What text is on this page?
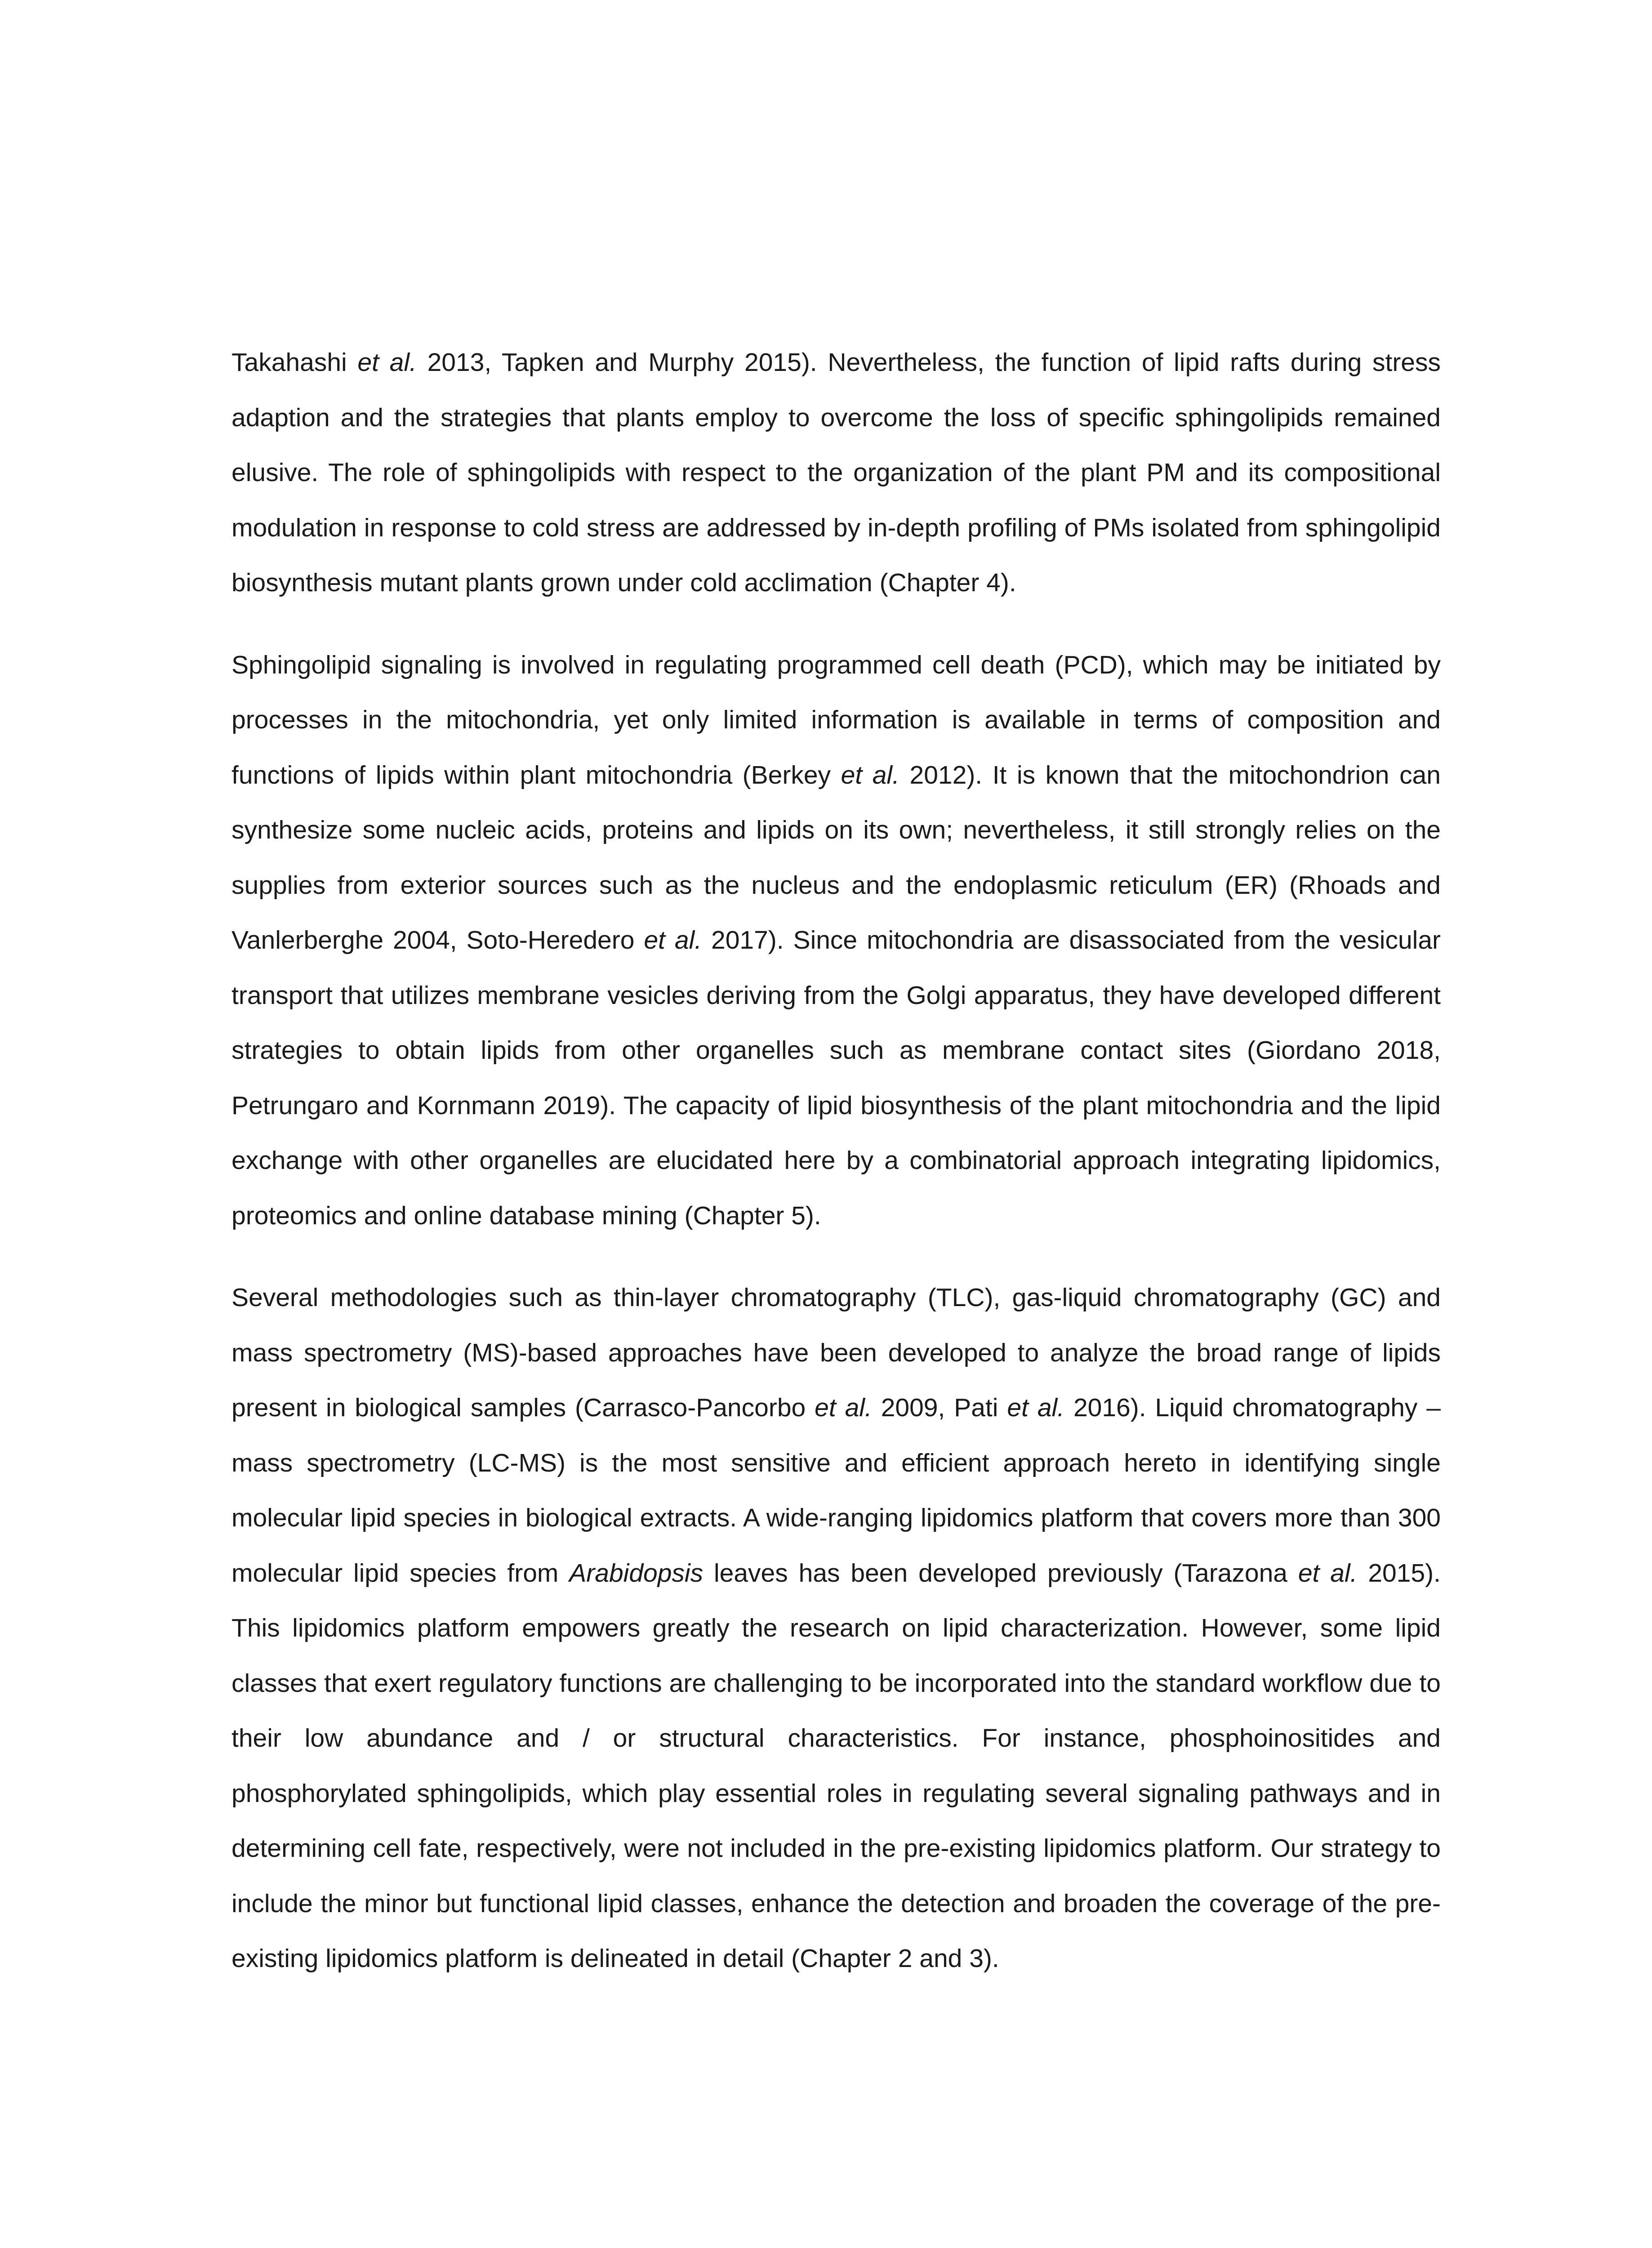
Takahashi et al. 2013, Tapken and Murphy 2015). Nevertheless, the function of lipid rafts during stress adaption and the strategies that plants employ to overcome the loss of specific sphingolipids remained elusive. The role of sphingolipids with respect to the organization of the plant PM and its compositional modulation in response to cold stress are addressed by in-depth profiling of PMs isolated from sphingolipid biosynthesis mutant plants grown under cold acclimation (Chapter 4).

Sphingolipid signaling is involved in regulating programmed cell death (PCD), which may be initiated by processes in the mitochondria, yet only limited information is available in terms of composition and functions of lipids within plant mitochondria (Berkey et al. 2012). It is known that the mitochondrion can synthesize some nucleic acids, proteins and lipids on its own; nevertheless, it still strongly relies on the supplies from exterior sources such as the nucleus and the endoplasmic reticulum (ER) (Rhoads and Vanlerberghe 2004, Soto-Heredero et al. 2017). Since mitochondria are disassociated from the vesicular transport that utilizes membrane vesicles deriving from the Golgi apparatus, they have developed different strategies to obtain lipids from other organelles such as membrane contact sites (Giordano 2018, Petrungaro and Kornmann 2019). The capacity of lipid biosynthesis of the plant mitochondria and the lipid exchange with other organelles are elucidated here by a combinatorial approach integrating lipidomics, proteomics and online database mining (Chapter 5).

Several methodologies such as thin-layer chromatography (TLC), gas-liquid chromatography (GC) and mass spectrometry (MS)-based approaches have been developed to analyze the broad range of lipids present in biological samples (Carrasco-Pancorbo et al. 2009, Pati et al. 2016). Liquid chromatography – mass spectrometry (LC-MS) is the most sensitive and efficient approach hereto in identifying single molecular lipid species in biological extracts. A wide-ranging lipidomics platform that covers more than 300 molecular lipid species from Arabidopsis leaves has been developed previously (Tarazona et al. 2015). This lipidomics platform empowers greatly the research on lipid characterization. However, some lipid classes that exert regulatory functions are challenging to be incorporated into the standard workflow due to their low abundance and / or structural characteristics. For instance, phosphoinositides and phosphorylated sphingolipids, which play essential roles in regulating several signaling pathways and in determining cell fate, respectively, were not included in the pre-existing lipidomics platform. Our strategy to include the minor but functional lipid classes, enhance the detection and broaden the coverage of the pre-existing lipidomics platform is delineated in detail (Chapter 2 and 3).
